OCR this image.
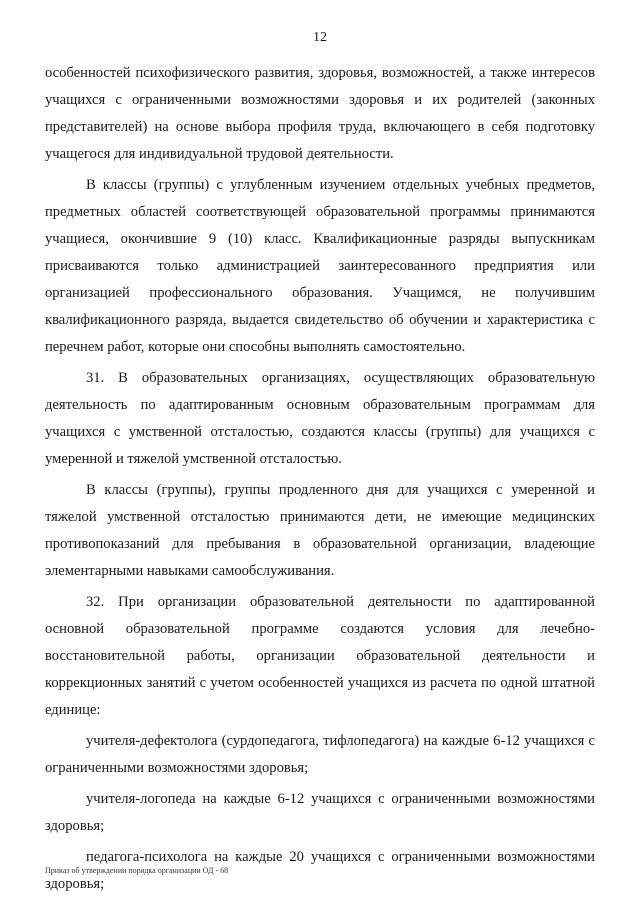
12

особенностей психофизического развития, здоровья, возможностей, а также интересов учащихся с ограниченными возможностями здоровья и их родителей (законных представителей) на основе выбора профиля труда, включающего в себя подготовку учащегося для индивидуальной трудовой деятельности.

В классы (группы) с углубленным изучением отдельных учебных предметов, предметных областей соответствующей образовательной программы принимаются учащиеся, окончившие 9 (10) класс. Квалификационные разряды выпускникам присваиваются только администрацией заинтересованного предприятия или организацией профессионального образования. Учащимся, не получившим квалификационного разряда, выдается свидетельство об обучении и характеристика с перечнем работ, которые они способны выполнять самостоятельно.

31. В образовательных организациях, осуществляющих образовательную деятельность по адаптированным основным образовательным программам для учащихся с умственной отсталостью, создаются классы (группы) для учащихся с умеренной и тяжелой умственной отсталостью.

В классы (группы), группы продленного дня для учащихся с умеренной и тяжелой умственной отсталостью принимаются дети, не имеющие медицинских противопоказаний для пребывания в образовательной организации, владеющие элементарными навыками самообслуживания.

32. При организации образовательной деятельности по адаптированной основной образовательной программе создаются условия для лечебно-восстановительной работы, организации образовательной деятельности и коррекционных занятий с учетом особенностей учащихся из расчета по одной штатной единице:

учителя-дефектолога (сурдопедагога, тифлопедагога) на каждые 6-12 учащихся с ограниченными возможностями здоровья;

учителя-логопеда на каждые 6-12 учащихся с ограниченными возможностями здоровья;

педагога-психолога на каждые 20 учащихся с ограниченными возможностями здоровья;

Приказ об утверждении порядка организации ОД - 68
